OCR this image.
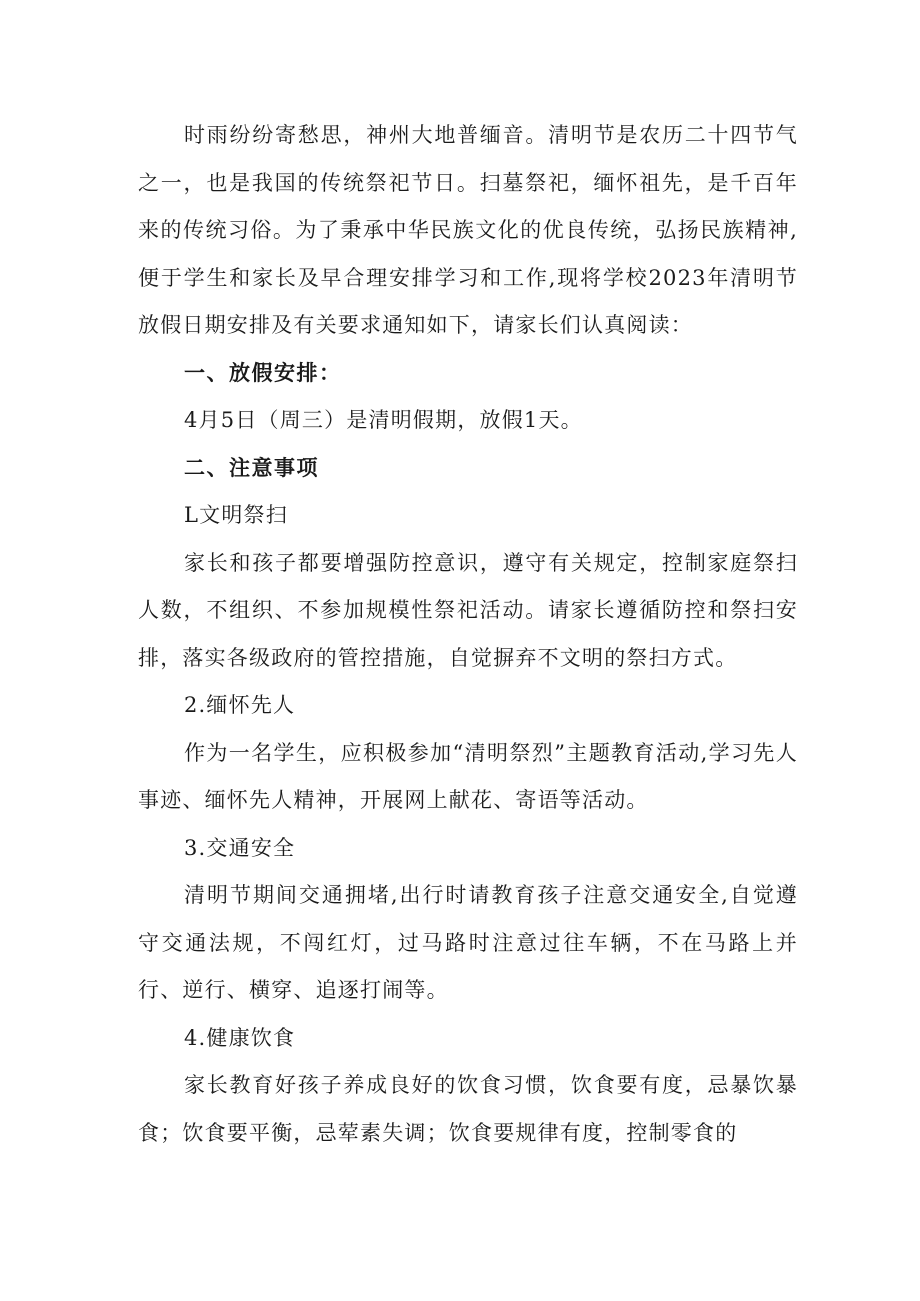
时雨纷纷寄愁思，神州大地普缅音。清明节是农历二十四节气之一，也是我国的传统祭祀节日。扫墓祭祀，缅怀祖先，是千百年来的传统习俗。为了秉承中华民族文化的优良传统，弘扬民族精神,便于学生和家长及早合理安排学习和工作,现将学校2023年清明节放假日期安排及有关要求通知如下，请家长们认真阅读：

一、放假安排：

4月5日（周三）是清明假期，放假1天。

二、注意事项

L文明祭扫

家长和孩子都要增强防控意识，遵守有关规定，控制家庭祭扫人数，不组织、不参加规模性祭祀活动。请家长遵循防控和祭扫安排，落实各级政府的管控措施，自觉摒弃不文明的祭扫方式。

2.缅怀先人

作为一名学生，应积极参加“清明祭烈”主题教育活动,学习先人事迹、缅怀先人精神，开展网上献花、寄语等活动。

3.交通安全

清明节期间交通拥堵,出行时请教育孩子注意交通安全,自觉遵守交通法规，不闯红灯，过马路时注意过往车辆，不在马路上并行、逆行、横穿、追逐打闹等。

4.健康饮食

家长教育好孩子养成良好的饮食习惯，饮食要有度，忌暴饮暴食；饮食要平衡，忌荤素失调；饮食要规律有度，控制零食的
